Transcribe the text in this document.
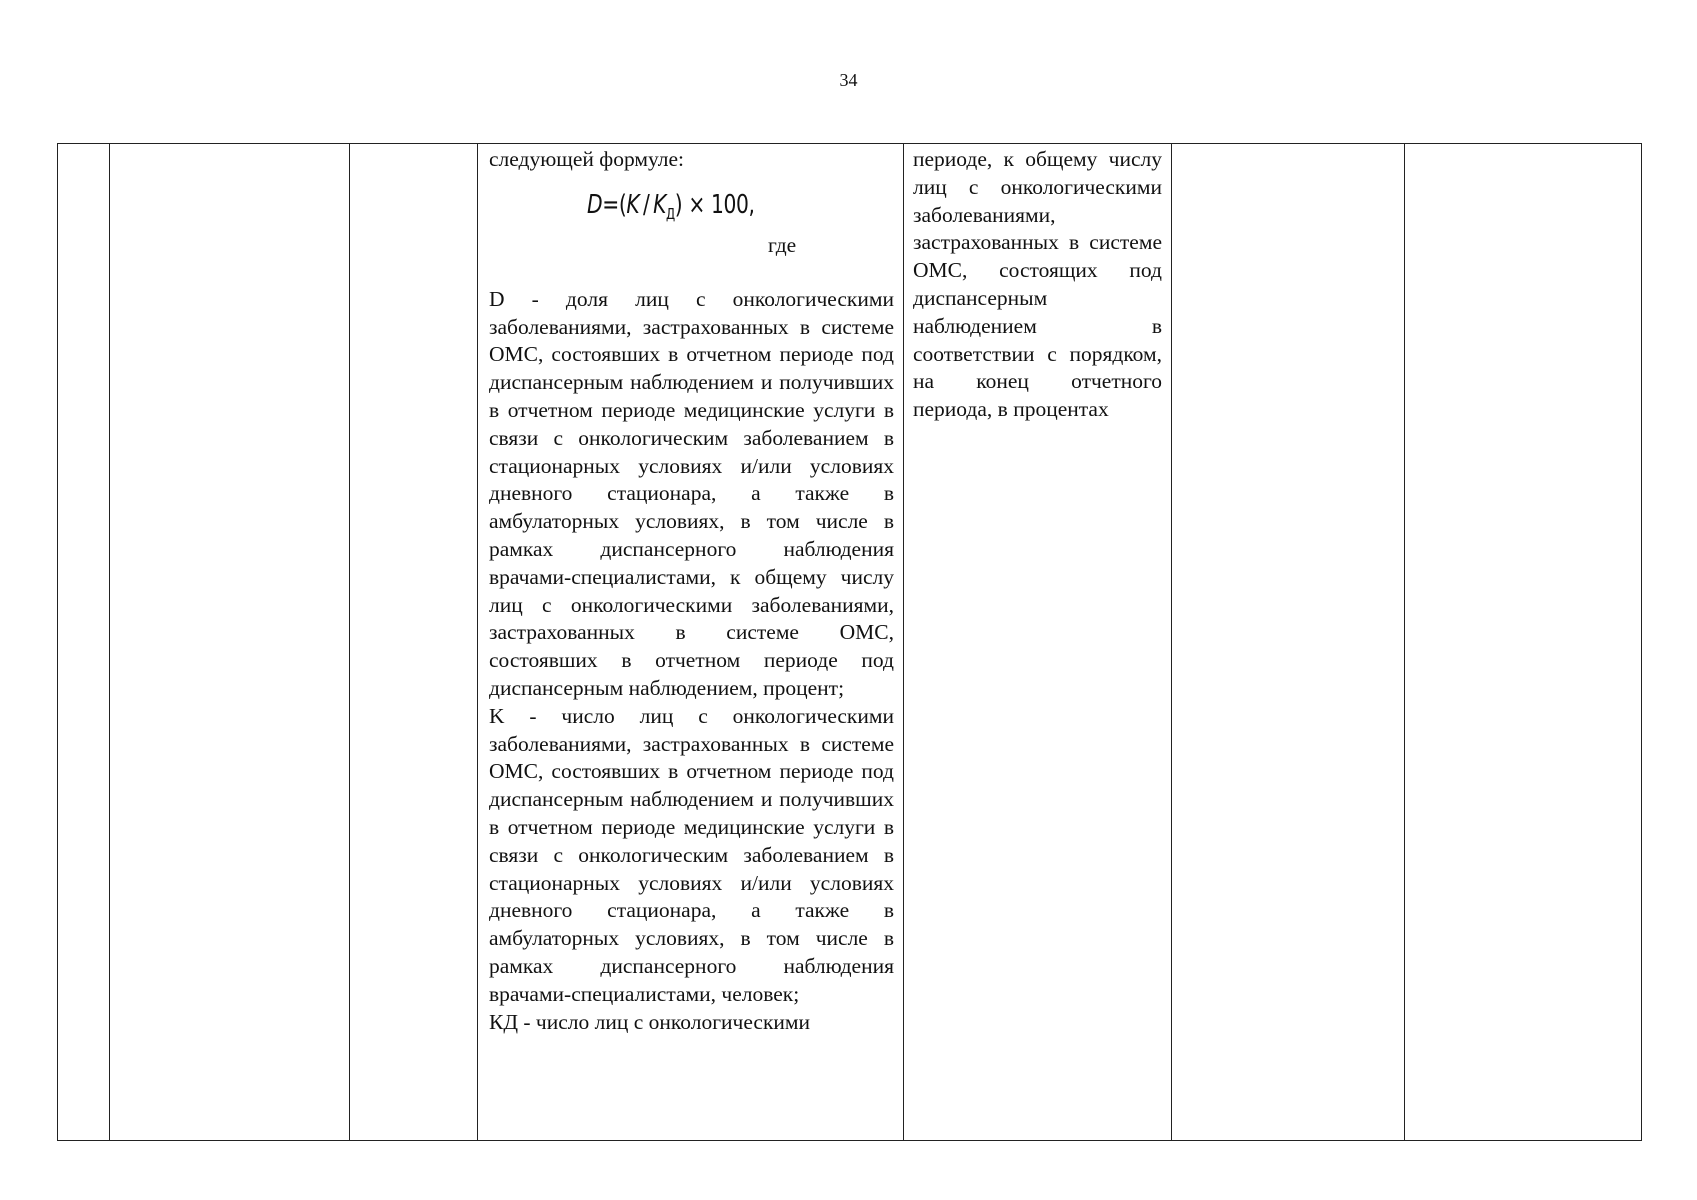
34

следующей формуле:

$D=(K / K_Д) \times 100$,
где

D - доля лиц с онкологическими заболеваниями, застрахованных в системе ОМС, состоявших в отчетном периоде под диспансерным наблюдением и получивших в отчетном периоде медицинские услуги в связи с онкологическим заболеванием в стационарных условиях и/или условиях дневного стационара, а также в амбулаторных условиях, в том числе в рамках диспансерного наблюдения врачами-специалистами, к общему числу лиц с онкологическими заболеваниями, застрахованных в системе ОМС, состоявших в отчетном периоде под диспансерным наблюдением, процент;

K - число лиц с онкологическими заболеваниями, застрахованных в системе ОМС, состоявших в отчетном периоде под диспансерным наблюдением и получивших в отчетном периоде медицинские услуги в связи с онкологическим заболеванием в стационарных условиях и/или условиях дневного стационара, а также в амбулаторных условиях, в том числе в рамках диспансерного наблюдения врачами-специалистами, человек;

КД - число лиц с онкологическими

периоде, к общему числу лиц с онкологическими заболеваниями, застрахованных в системе ОМС, состоящих под диспансерным наблюдением в соответствии с порядком, на конец отчетного периода, в процентах
